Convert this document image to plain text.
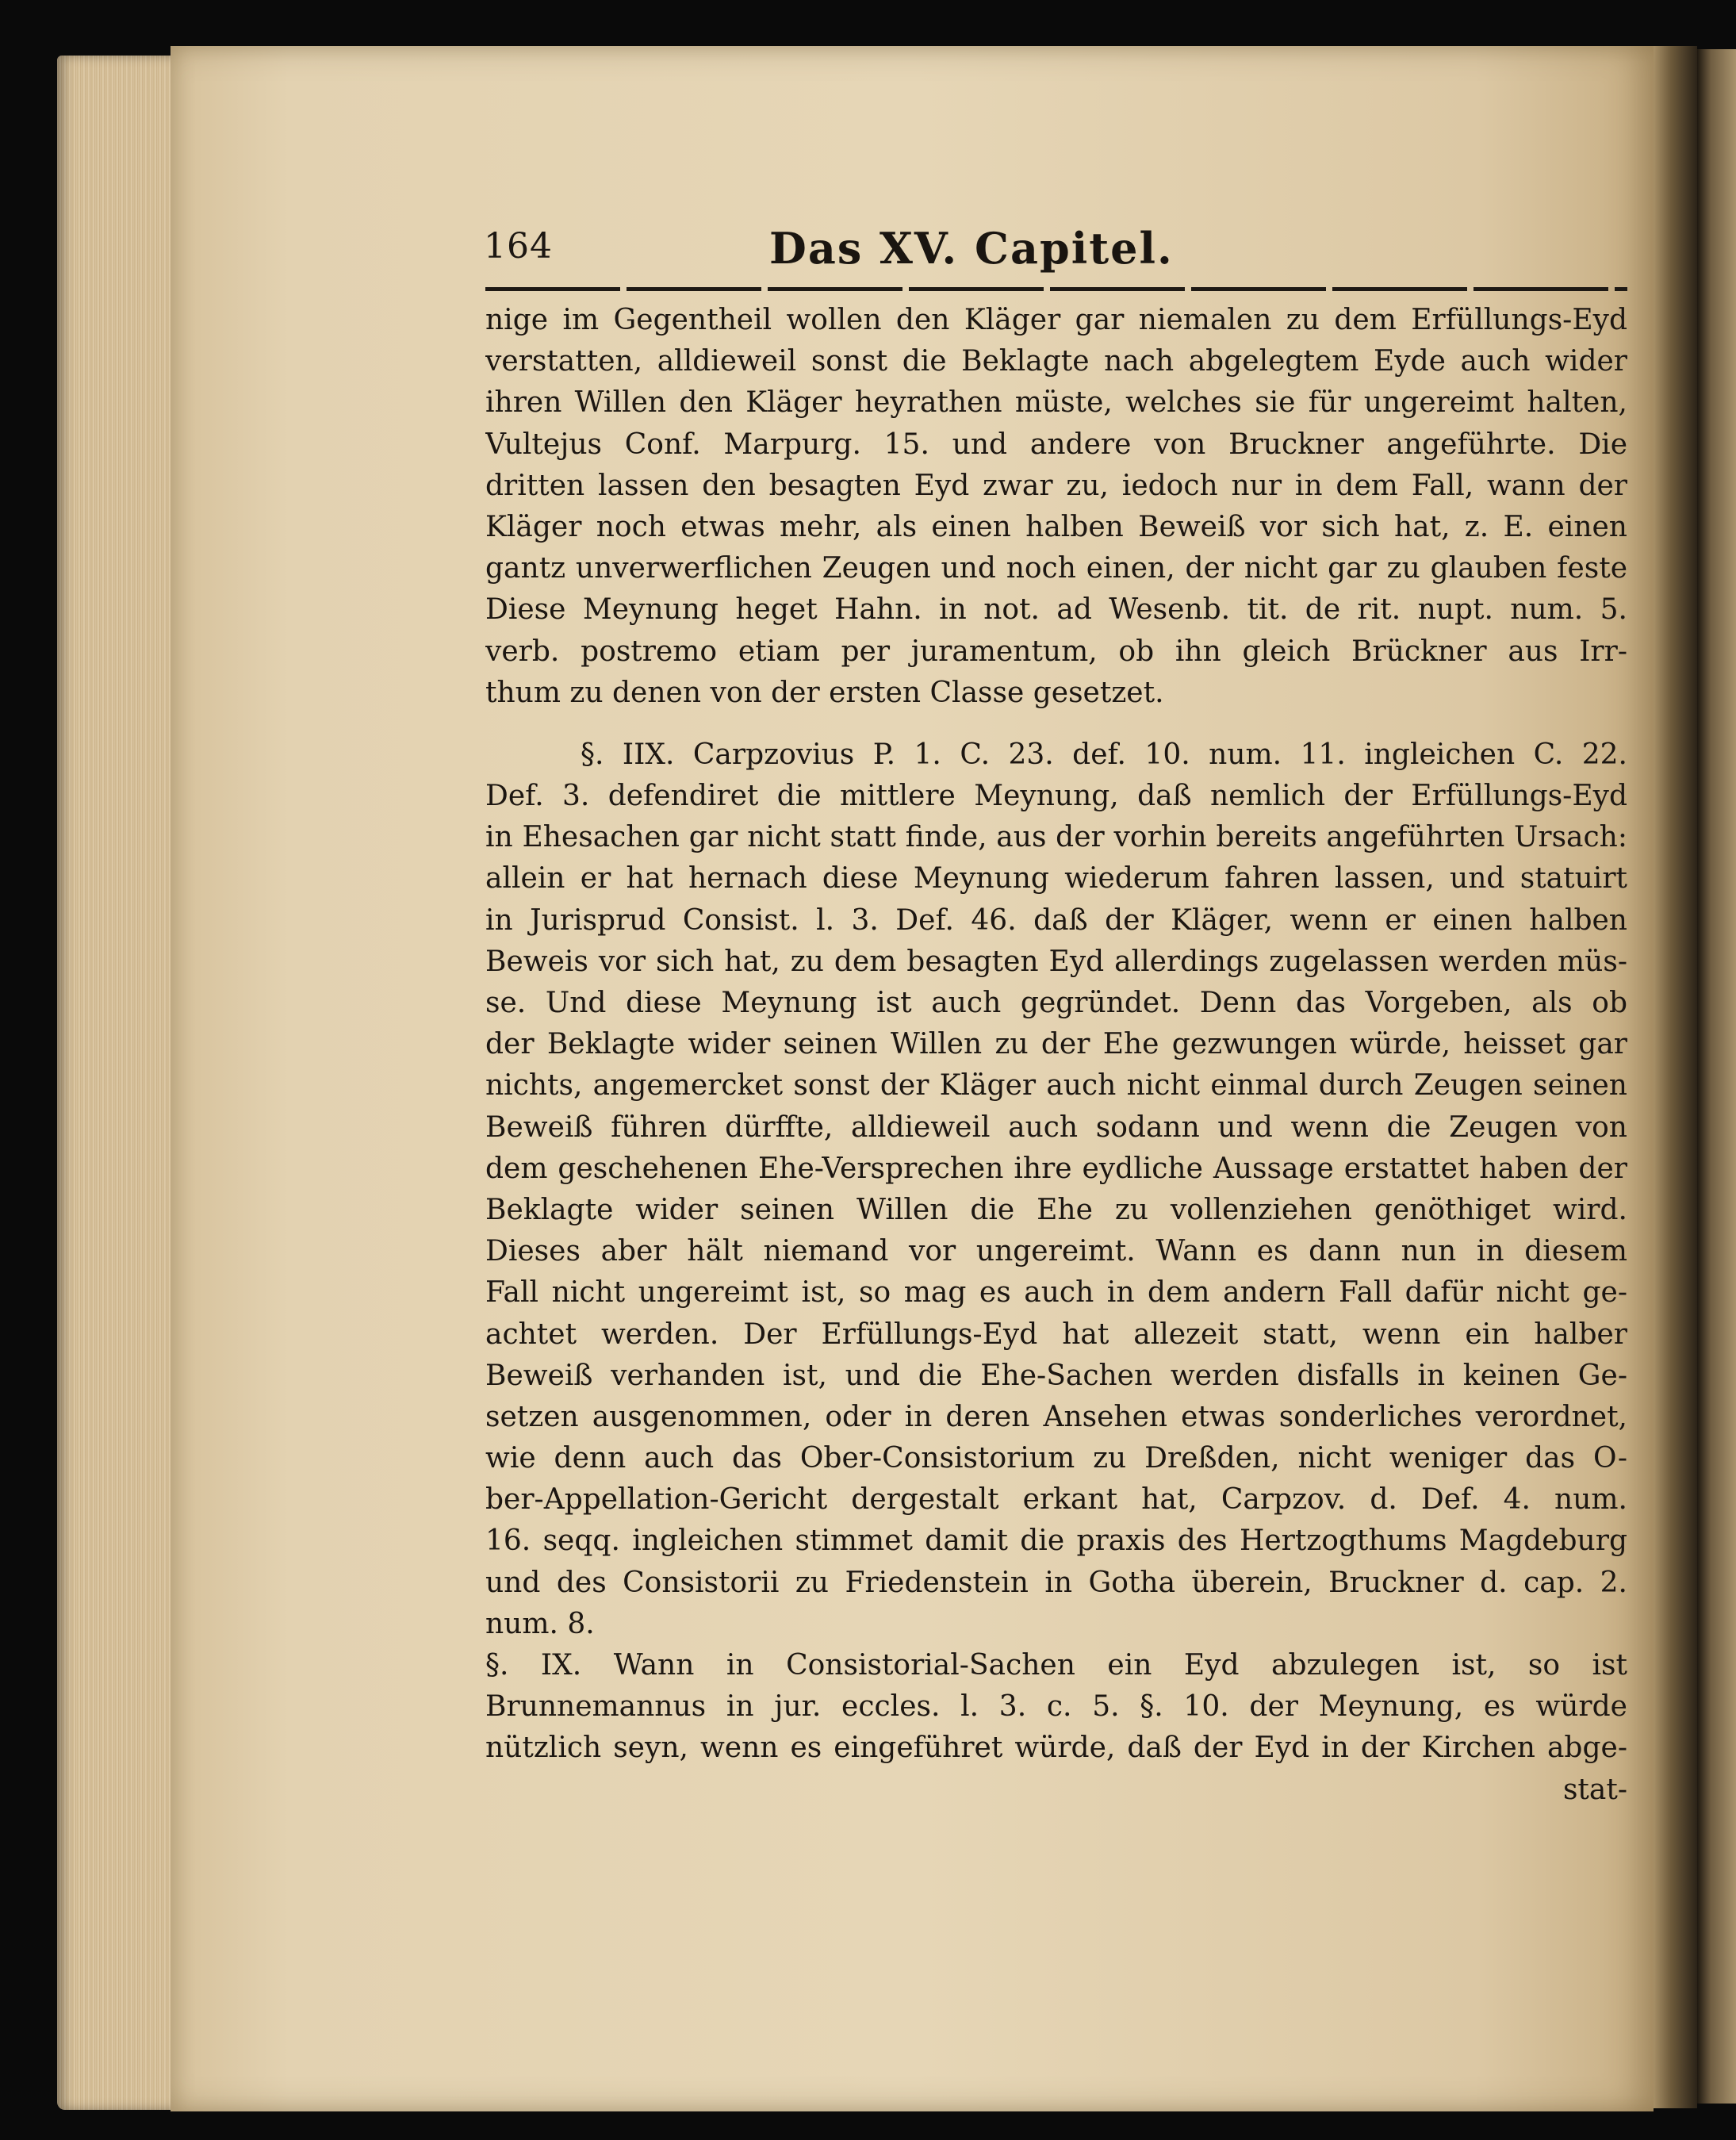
164	Das XV. Capitel.
nige im Gegentheil wollen den Kläger gar niemalen zu dem Erfüllungs-Eyd
verstatten, alldieweil sonst die Beklagte nach abgelegtem Eyde auch wider
ihren Willen den Kläger heyrathen müste, welches sie für ungereimt halten,
Vultejus Conf. Marpurg. 15. und andere von Bruckner angeführte. Die
dritten lassen den besagten Eyd zwar zu, iedoch nur in dem Fall, wann der
Kläger noch etwas mehr, als einen halben Beweiß vor sich hat, z. E. einen
gantz unverwerflichen Zeugen und noch einen, der nicht gar zu glauben feste
Diese Meynung heget Hahn. in not. ad Wesenb. tit. de rit. nupt. num. 5.
verb. postremo etiam per juramentum, ob ihn gleich Brückner aus Irr-
thum zu denen von der ersten Classe gesetzet.
§. IIX. Carpzovius P. 1. C. 23. def. 10. num. 11. ingleichen C. 22.
Def. 3. defendiret die mittlere Meynung, daß nemlich der Erfüllungs-Eyd
in Ehesachen gar nicht statt finde, aus der vorhin bereits angeführten Ursach:
allein er hat hernach diese Meynung wiederum fahren lassen, und statuirt
in Jurisprud Consist. l. 3. Def. 46. daß der Kläger, wenn er einen halben
Beweis vor sich hat, zu dem besagten Eyd allerdings zugelassen werden müs-
se. Und diese Meynung ist auch gegründet. Denn das Vorgeben, als ob
der Beklagte wider seinen Willen zu der Ehe gezwungen würde, heisset gar
nichts, angemercket sonst der Kläger auch nicht einmal durch Zeugen seinen
Beweiß führen dürffte, alldieweil auch sodann und wenn die Zeugen von
dem geschehenen Ehe-Versprechen ihre eydliche Aussage erstattet haben der
Beklagte wider seinen Willen die Ehe zu vollenziehen genöthiget wird.
Dieses aber hält niemand vor ungereimt. Wann es dann nun in diesem
Fall nicht ungereimt ist, so mag es auch in dem andern Fall dafür nicht ge-
achtet werden. Der Erfüllungs-Eyd hat allezeit statt, wenn ein halber
Beweiß verhanden ist, und die Ehe-Sachen werden disfalls in keinen Ge-
setzen ausgenommen, oder in deren Ansehen etwas sonderliches verordnet,
wie denn auch das Ober-Consistorium zu Dreßden, nicht weniger das O-
ber-Appellation-Gericht dergestalt erkant hat, Carpzov. d. Def. 4. num.
16. seqq. ingleichen stimmet damit die praxis des Hertzogthums Magdeburg
und des Consistorii zu Friedenstein in Gotha überein, Bruckner d. cap. 2.
num. 8.
§. IX. Wann in Consistorial-Sachen ein Eyd abzulegen ist, so ist
Brunnemannus in jur. eccles. l. 3. c. 5. §. 10. der Meynung, es würde
nützlich seyn, wenn es eingeführet würde, daß der Eyd in der Kirchen abge-
stat-
